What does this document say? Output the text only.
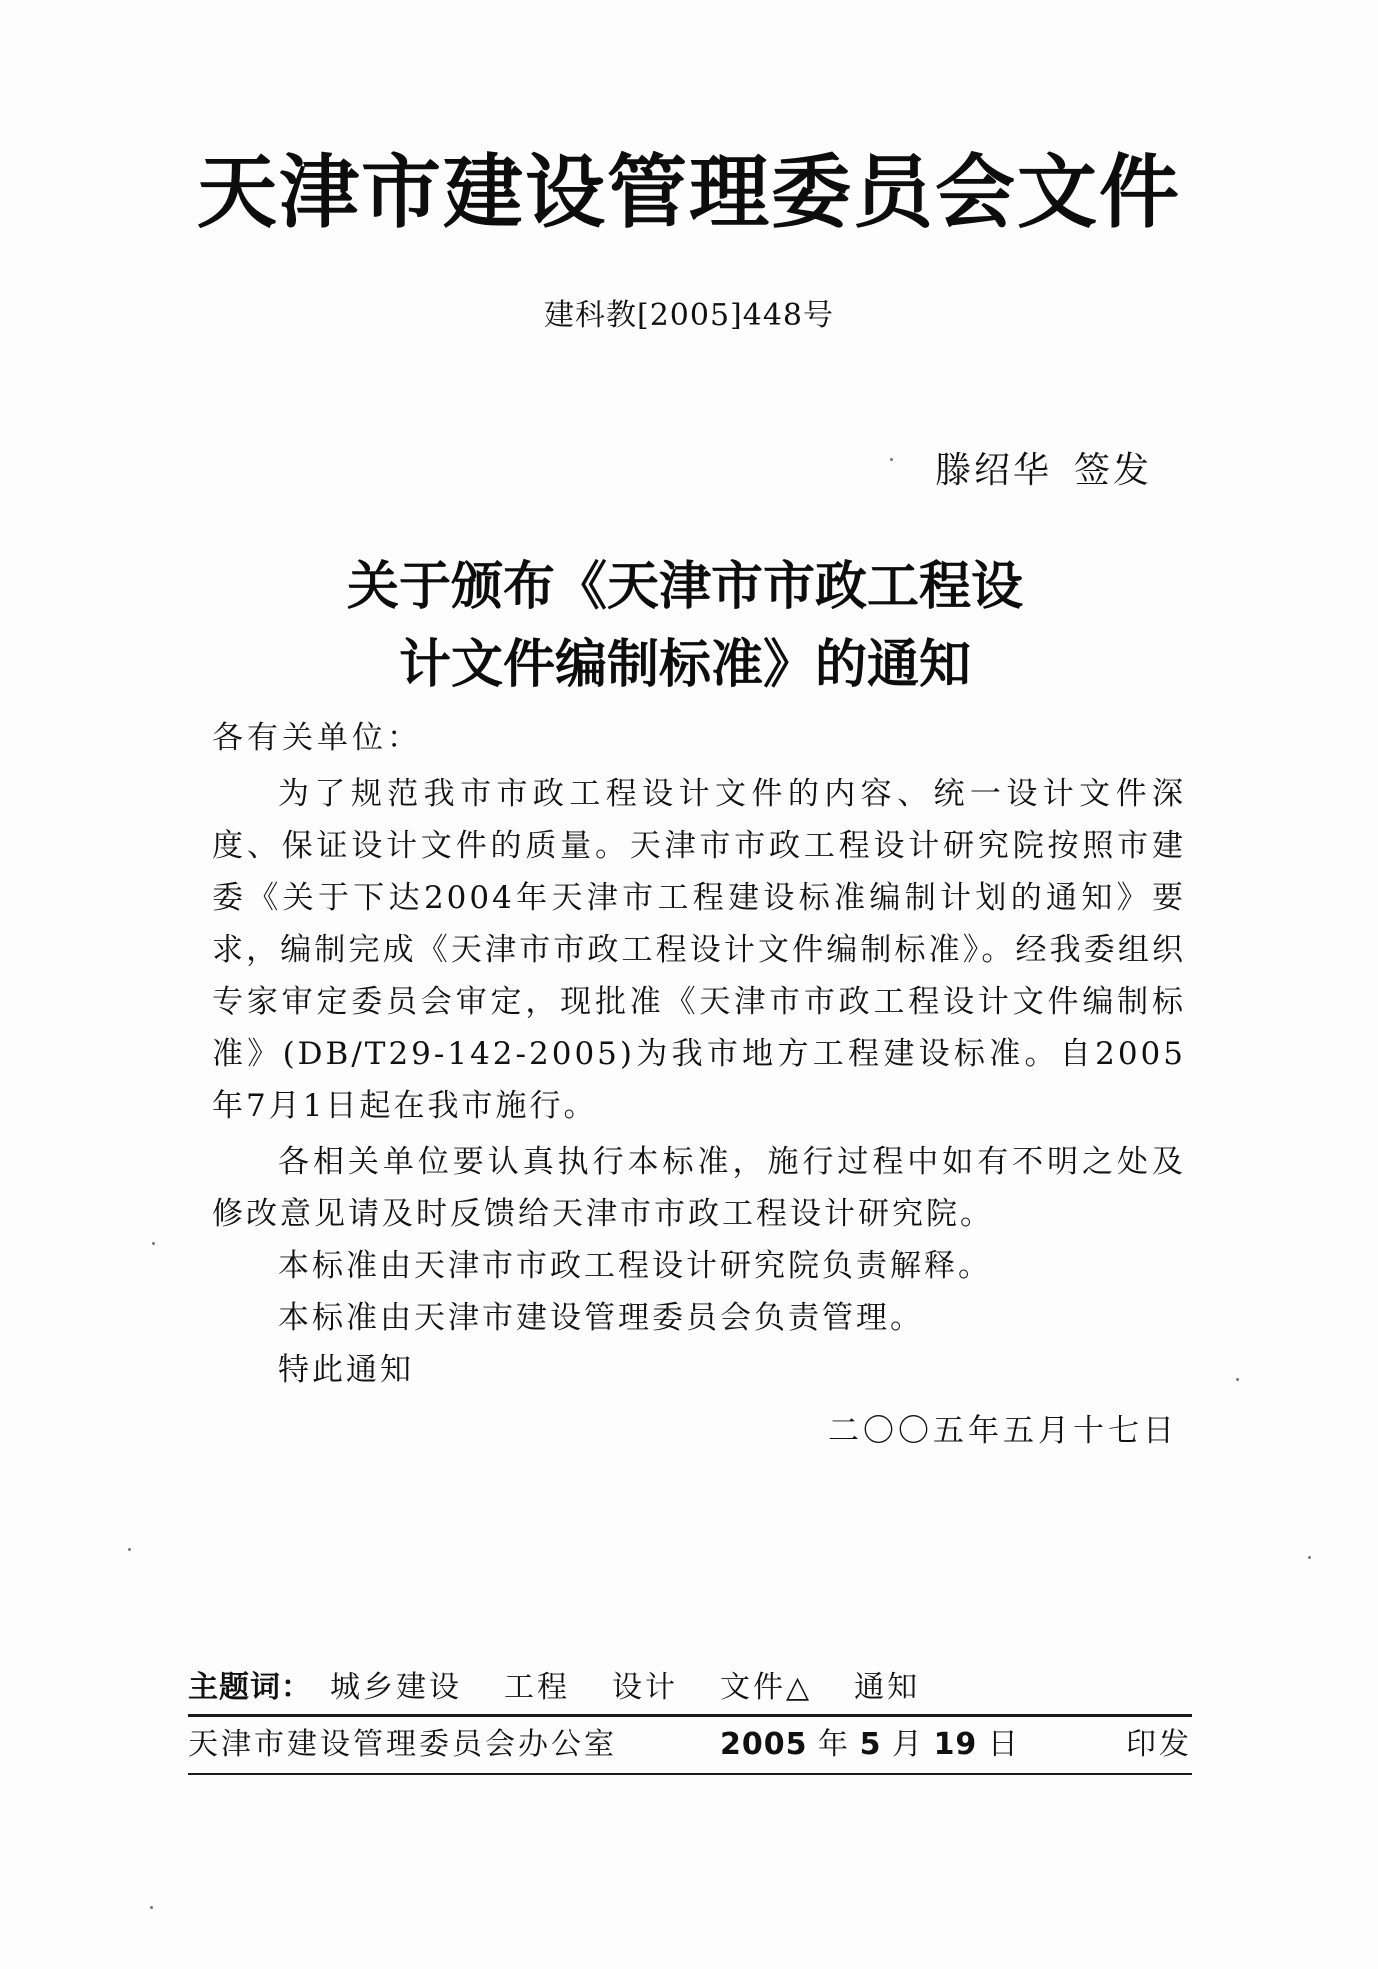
天津市建设管理委员会文件
建科教[2005]448号
滕绍华 签发
关于颁布《天津市市政工程设
计文件编制标准》的通知
各有关单位：

为了规范我市市政工程设计文件的内容、统一设计文件深度、保证设计文件的质量。天津市市政工程设计研究院按照市建委《关于下达2004年天津市工程建设标准编制计划的通知》要求，编制完成《天津市市政工程设计文件编制标准》。经我委组织专家审定委员会审定，现批准《天津市市政工程设计文件编制标准》(DB/T29-142-2005)为我市地方工程建设标准。自2005年7月1日起在我市施行。

各相关单位要认真执行本标准，施行过程中如有不明之处及修改意见请及时反馈给天津市市政工程设计研究院。

本标准由天津市市政工程设计研究院负责解释。

本标准由天津市建设管理委员会负责管理。

特此通知

二〇〇五年五月十七日
主题词： 城乡建设 工程 设计 文件△ 通知
天津市建设管理委员会办公室	2005 年 5 月 19 日	印发
